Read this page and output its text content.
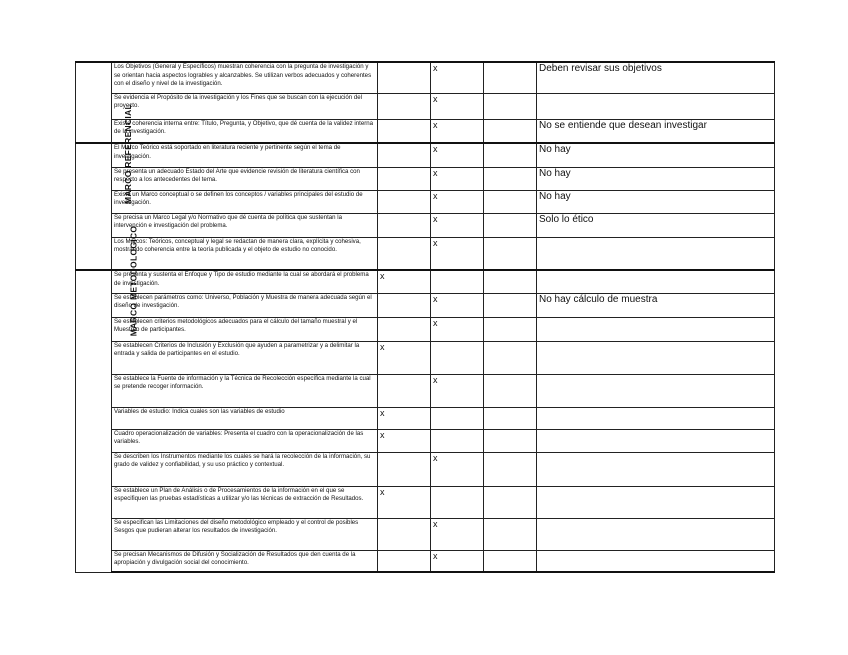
	Los Objetivos (General y Específicos) muestran coherencia con la pregunta de investigación y se orientan hacia aspectos logrables y alcanzables. Se utilizan verbos adecuados y coherentes con el diseño y nivel de la investigación.		x		Deben revisar sus objetivos
	Se evidencia el Propósito de la investigación y los Fines que se buscan con la ejecución del proyecto.		x		
	Existe coherencia interna entre: Título, Pregunta, y Objetivo, que dé cuenta de la validez interna de la investigación.		x		No se entiende que desean investigar
MARCO REFERENCIAL	El Marco Teórico está soportado en literatura reciente y pertinente según el tema de investigación.		x		No hay
	Se presenta un adecuado Estado del Arte que evidencie revisión de literatura científica con respecto a los antecedentes del tema.		x		No hay
	Existe un Marco conceptual o se definen los conceptos / variables principales del estudio de investigación.		x		No hay
	Se precisa un Marco Legal y/o Normativo que dé cuenta de política que sustentan la intervención e investigación del problema.		x		Solo lo ético
	Los Marcos: Teóricos, conceptual y legal se redactan de manera clara, explícita y cohesiva, mostrando coherencia entre la teoría publicada y el objeto de estudio no conocido.		x		
MARCO METODOLOGICO	Se presenta y sustenta el Enfoque y Tipo de estudio mediante la cual se abordará el problema de investigación.	x			
	Se establecen parámetros como: Universo, Población y Muestra de manera adecuada según el diseño de investigación.		x		No hay cálculo de muestra
	Se establecen criterios metodológicos adecuados para el cálculo del tamaño muestral y el Muestreo de participantes.		x		
	Se establecen Criterios de Inclusión y Exclusión que ayuden a parametrizar y a delimitar la entrada y salida de participantes en el estudio.	x			
	Se establece la Fuente de información y la Técnica de Recolección específica mediante la cual se pretende recoger información.		x		
	Variables de estudio: Indica cuales son las variables de estudio	x			
	Cuadro operacionalización de variables: Presenta el cuadro con la operacionalización de las variables.	x			
	Se describen los Instrumentos mediante los cuales se hará la recolección de la información, su grado de validez y confiabilidad, y su uso práctico y contextual.		x		
	Se establece un Plan de Análisis o de Procesamientos de la información en el que se especifiquen las pruebas estadísticas a utilizar y/o las técnicas de extracción de Resultados.	x			
	Se especifican las Limitaciones del diseño metodológico empleado y el control de posibles Sesgos que pudieran alterar los resultados de investigación.		x		
	Se precisan Mecanismos de Difusión y Socialización de Resultados que den cuenta de la apropiación y divulgación social del conocimiento.		x		
